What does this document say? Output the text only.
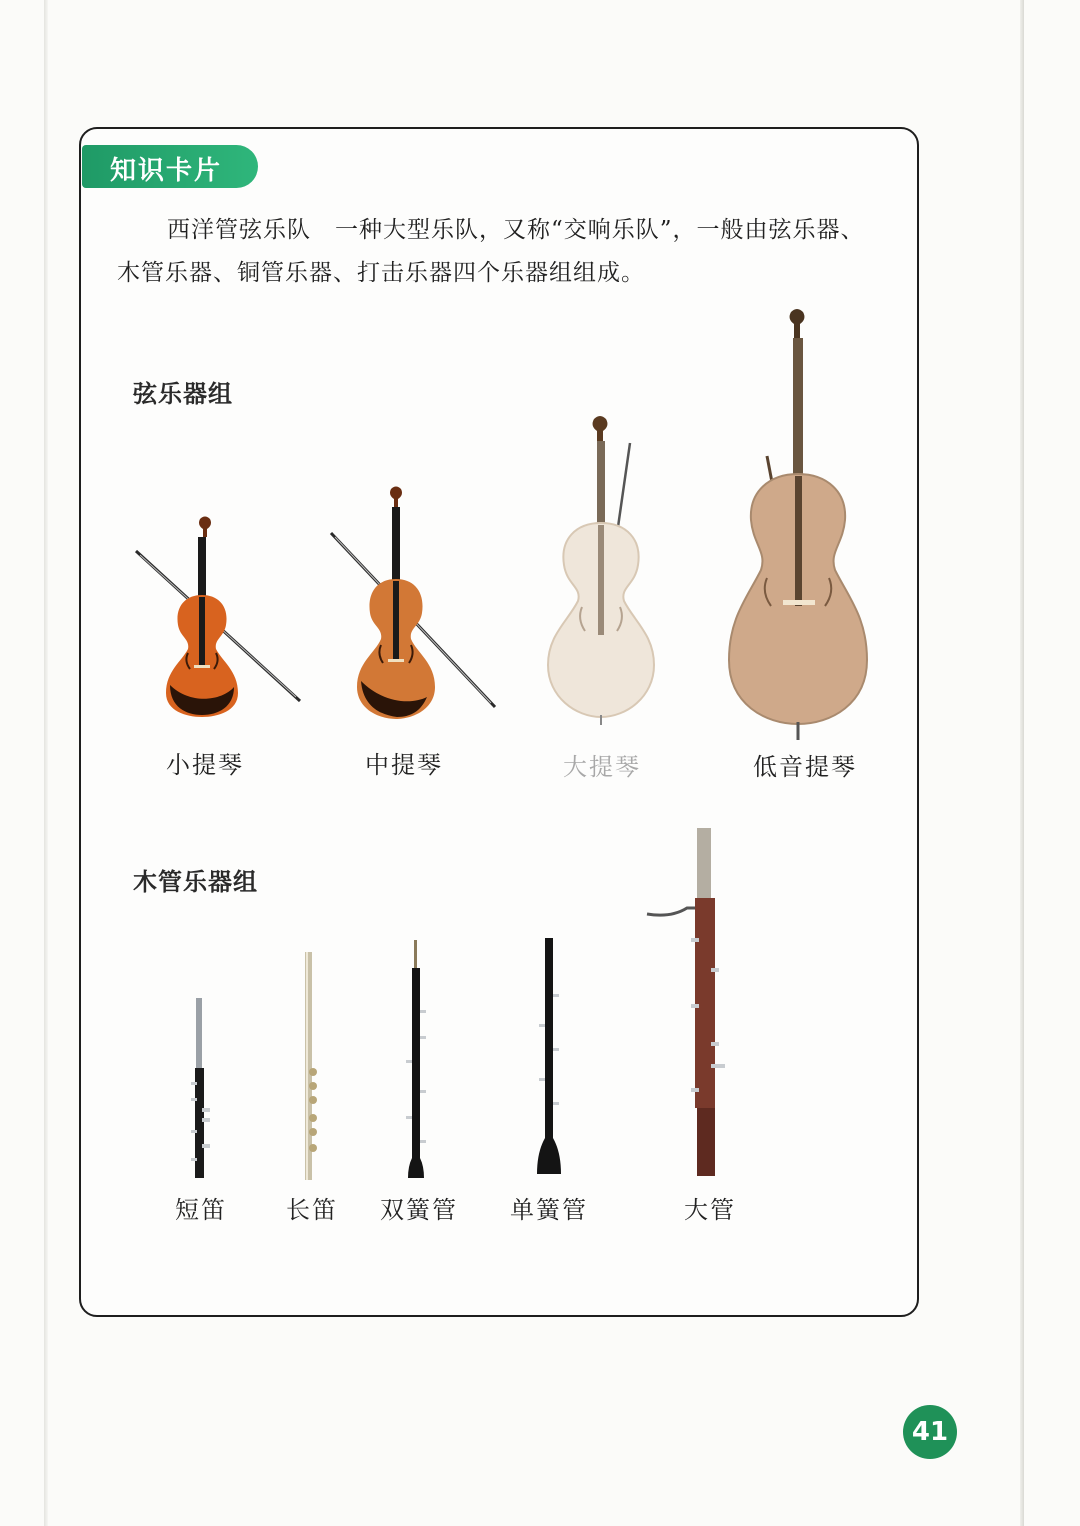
知识卡片
西洋管弦乐队 一种大型乐队，又称“交响乐队”，一般由弦乐器、
木管乐器、铜管乐器、打击乐器四个乐器组组成。
弦乐器组
小提琴	中提琴	大提琴	低音提琴
木管乐器组
短笛 长笛 双簧管 单簧管	大管
41
